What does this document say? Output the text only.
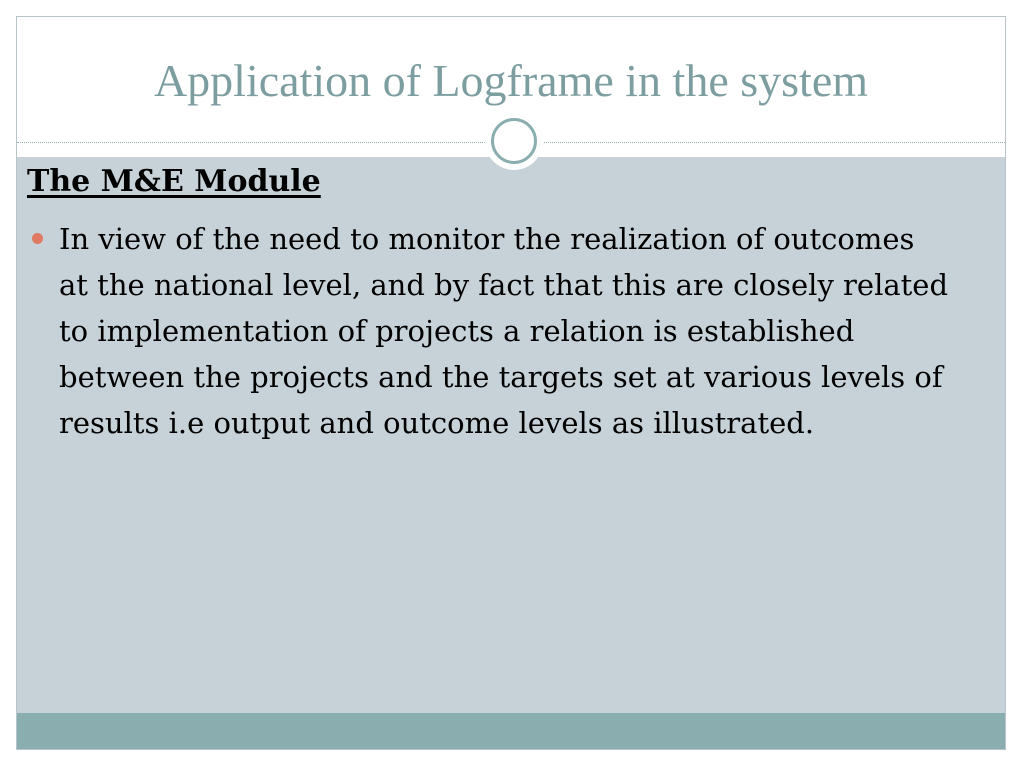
Application of Logframe in the system
The M&E Module
In view of the need to monitor the realization of outcomes at the national level, and by fact that this are closely related to implementation of projects a relation is established between the projects and the targets set at various levels of results i.e output and outcome levels as illustrated.
